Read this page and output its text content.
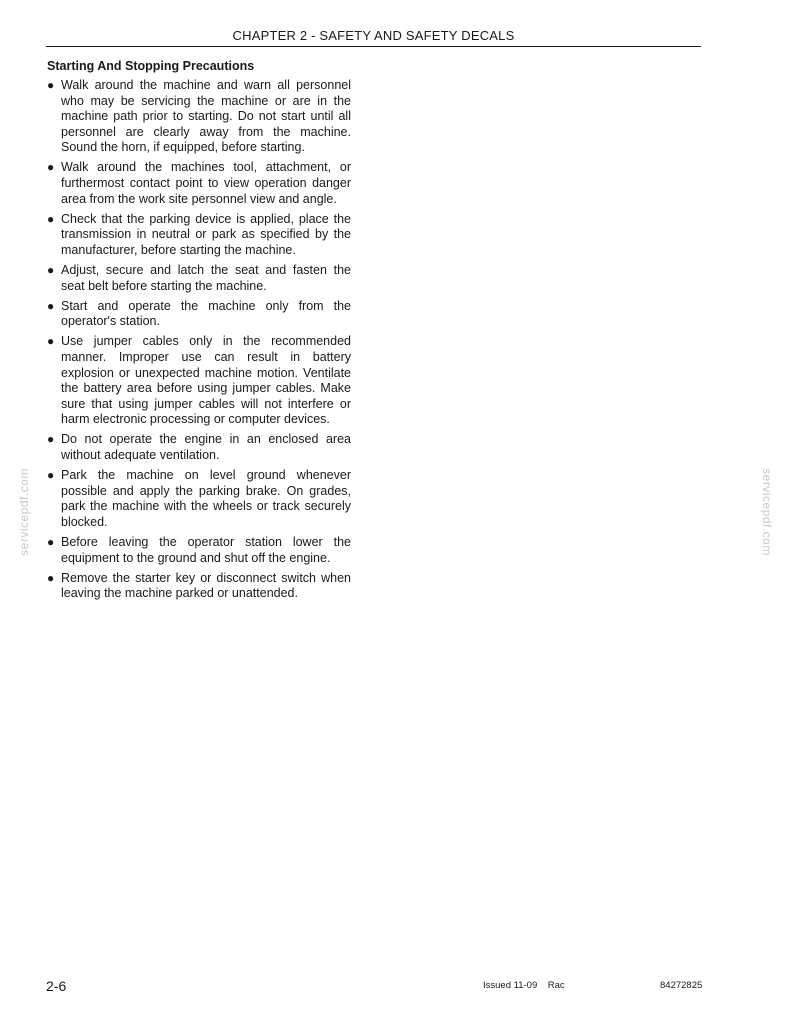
CHAPTER 2 - SAFETY AND SAFETY DECALS
Starting And Stopping Precautions
● Walk around the machine and warn all personnel who may be servicing the machine or are in the machine path prior to starting. Do not start until all personnel are clearly away from the machine. Sound the horn, if equipped, before starting.
● Walk around the machines tool, attachment, or furthermost contact point to view operation danger area from the work site personnel view and angle.
● Check that the parking device is applied, place the transmission in neutral or park as specified by the manufacturer, before starting the machine.
● Adjust, secure and latch the seat and fasten the seat belt before starting the machine.
● Start and operate the machine only from the operator's station.
● Use jumper cables only in the recommended manner. Improper use can result in battery explosion or unexpected machine motion. Ventilate the battery area before using jumper cables. Make sure that using jumper cables will not interfere or harm electronic processing or computer devices.
● Do not operate the engine in an enclosed area without adequate ventilation.
● Park the machine on level ground whenever possible and apply the parking brake. On grades, park the machine with the wheels or track securely blocked.
● Before leaving the operator station lower the equipment to the ground and shut off the engine.
● Remove the starter key or disconnect switch when leaving the machine parked or unattended.
servicepdf.com	servicepdf.com
2-6	Issued 11-09    Rac	84272825
